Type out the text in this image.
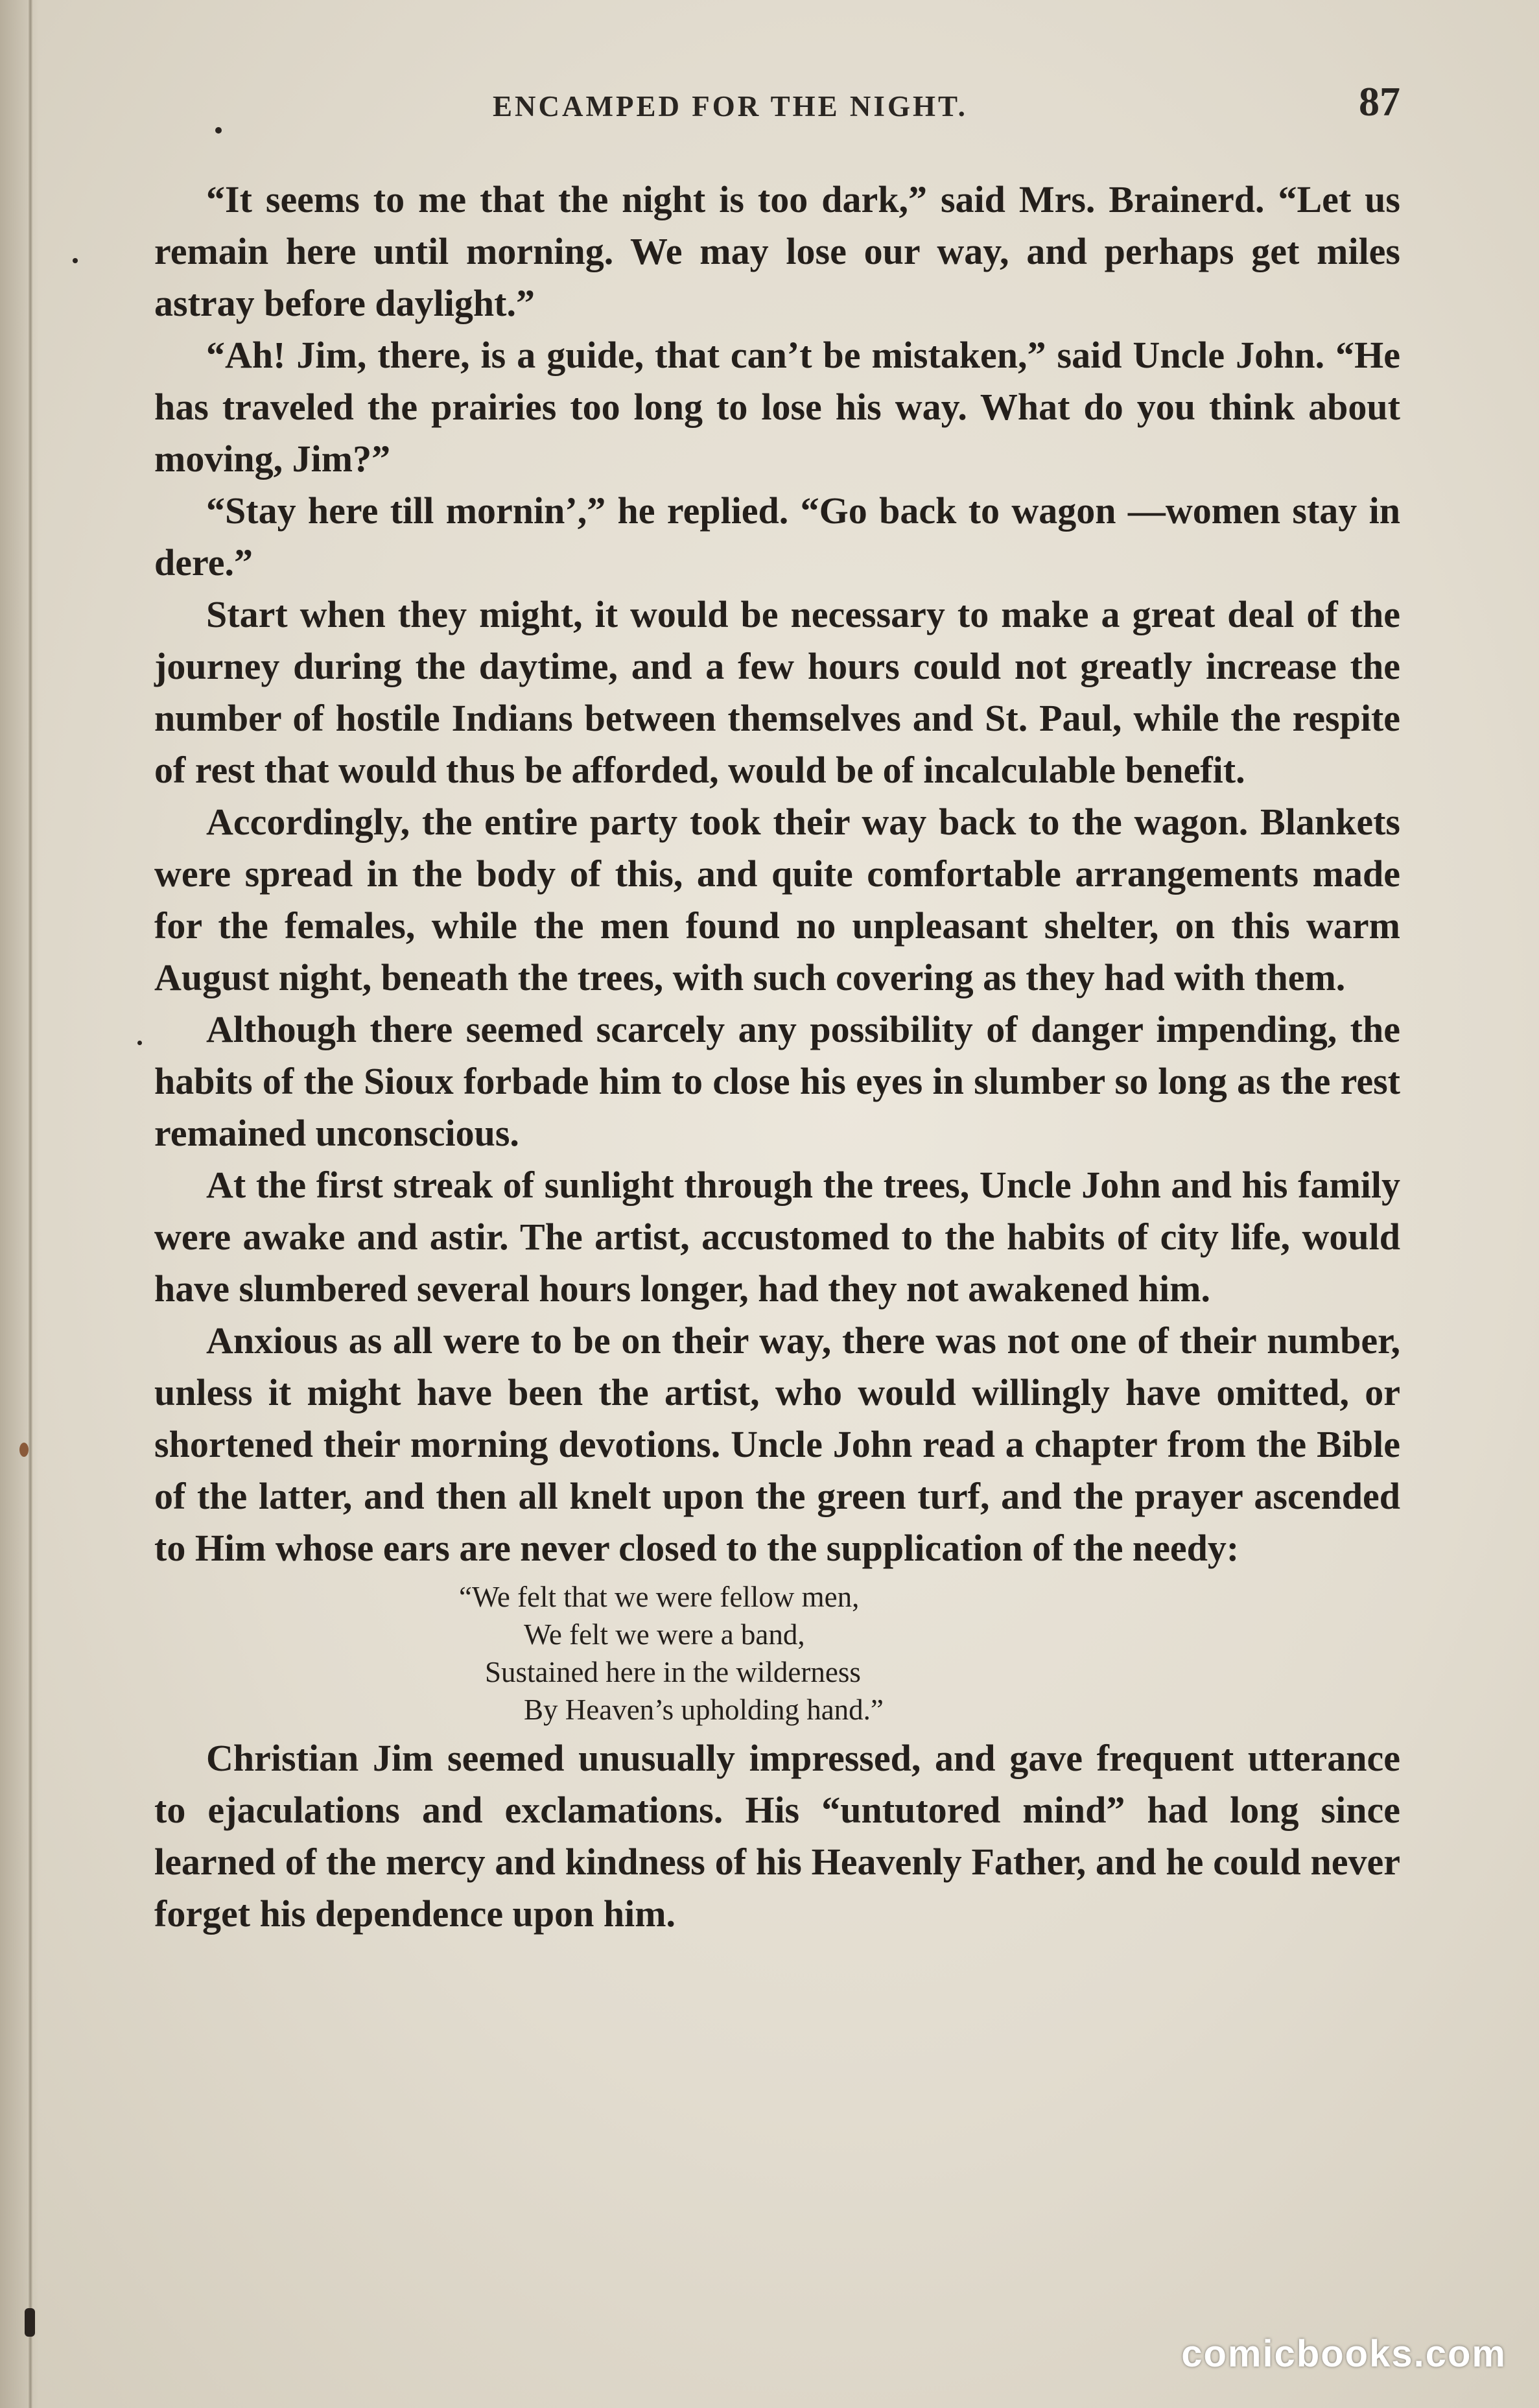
ENCAMPED FOR THE NIGHT.	87

“It seems to me that the night is too dark,” said Mrs. Brainerd. “Let us remain here until morning. We may lose our way, and perhaps get miles astray before daylight.”

“Ah! Jim, there, is a guide, that can’t be mistaken,” said Uncle John. “He has traveled the prairies too long to lose his way. What do you think about moving, Jim?”

“Stay here till mornin’,” he replied. “Go back to wagon —women stay in dere.”

Start when they might, it would be necessary to make a great deal of the journey during the daytime, and a few hours could not greatly increase the number of hostile Indians between themselves and St. Paul, while the respite of rest that would thus be afforded, would be of incalculable benefit.

Accordingly, the entire party took their way back to the wagon. Blankets were spread in the body of this, and quite comfortable arrangements made for the females, while the men found no unpleasant shelter, on this warm August night, beneath the trees, with such covering as they had with them.

Although there seemed scarcely any possibility of danger impending, the habits of the Sioux forbade him to close his eyes in slumber so long as the rest remained unconscious.

At the first streak of sunlight through the trees, Uncle John and his family were awake and astir. The artist, accustomed to the habits of city life, would have slumbered several hours longer, had they not awakened him.

Anxious as all were to be on their way, there was not one of their number, unless it might have been the artist, who would willingly have omitted, or shortened their morning devotions. Uncle John read a chapter from the Bible of the latter, and then all knelt upon the green turf, and the prayer ascended to Him whose ears are never closed to the supplication of the needy:

“We felt that we were fellow men,
We felt we were a band,
Sustained here in the wilderness
By Heaven’s upholding hand.”

Christian Jim seemed unusually impressed, and gave frequent utterance to ejaculations and exclamations. His “untutored mind” had long since learned of the mercy and kindness of his Heavenly Father, and he could never forget his dependence upon him.

comicbooks.com
